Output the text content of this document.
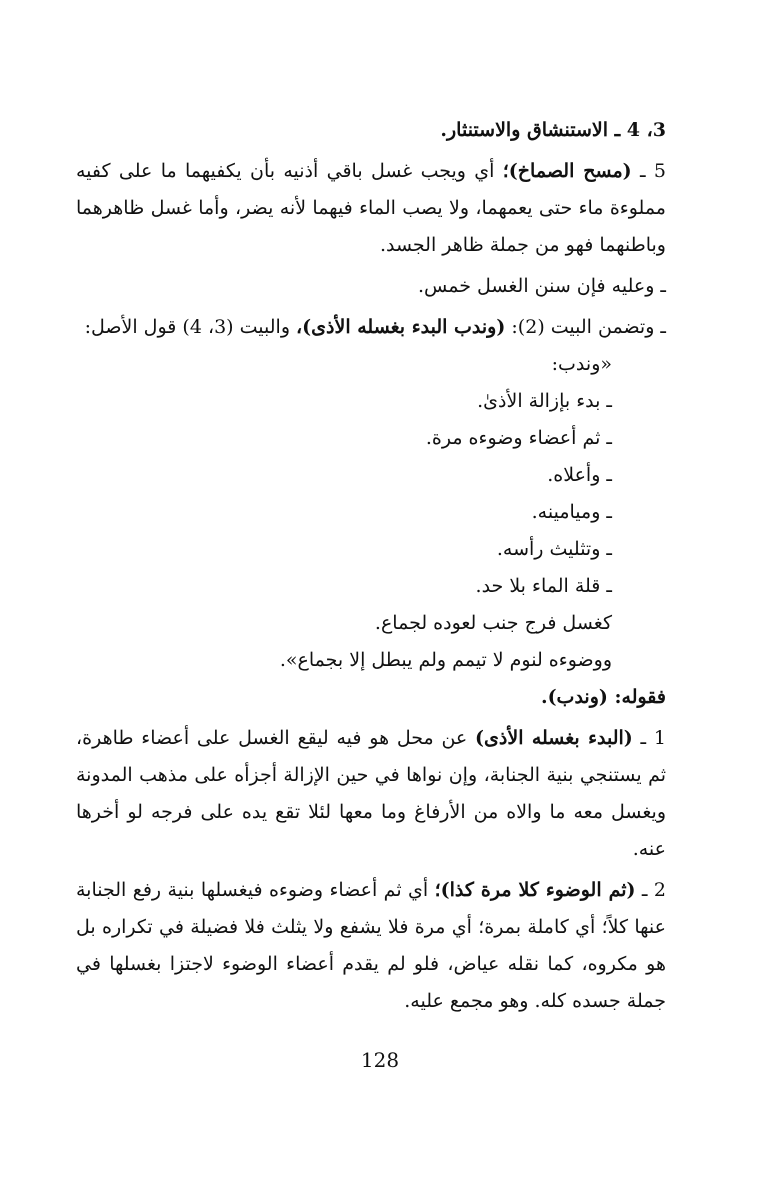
3، 4 ـ الاستنشاق والاستنثار.
5 ـ (مسح الصماخ)؛ أي ويجب غسل باقي أذنيه بأن يكفيهما ما على كفيه مملوءة ماء حتى يعمهما، ولا يصب الماء فيهما لأنه يضر، وأما غسل ظاهرهما وباطنهما فهو من جملة ظاهر الجسد.
ـ وعليه فإن سنن الغسل خمس.
ـ وتضمن البيت (2): (وندب البدء بغسله الأذى)، والبيت (3، 4) قول الأصل:
«وندب:
ـ بدء بإزالة الأذىٰ.
ـ ثم أعضاء وضوءه مرة.
ـ وأعلاه.
ـ وميامينه.
ـ وتثليث رأسه.
ـ قلة الماء بلا حد.
كغسل فرج جنب لعوده لجماع.
ووضوءه لنوم لا تيمم ولم يبطل إلا بجماع».
فقوله: (وندب).
1 ـ (البدء بغسله الأذى) عن محل هو فيه ليقع الغسل على أعضاء طاهرة، ثم يستنجي بنية الجنابة، وإن نواها في حين الإزالة أجزأه على مذهب المدونة ويغسل معه ما والاه من الأرفاغ وما معها لئلا تقع يده على فرجه لو أخرها عنه.
2 ـ (ثم الوضوء كلا مرة كذا)؛ أي ثم أعضاء وضوءه فيغسلها بنية رفع الجنابة عنها كلاً؛ أي كاملة بمرة؛ أي مرة فلا يشفع ولا يثلث فلا فضيلة في تكراره بل هو مكروه، كما نقله عياض، فلو لم يقدم أعضاء الوضوء لاجتزا بغسلها في جملة جسده كله. وهو مجمع عليه.
128
